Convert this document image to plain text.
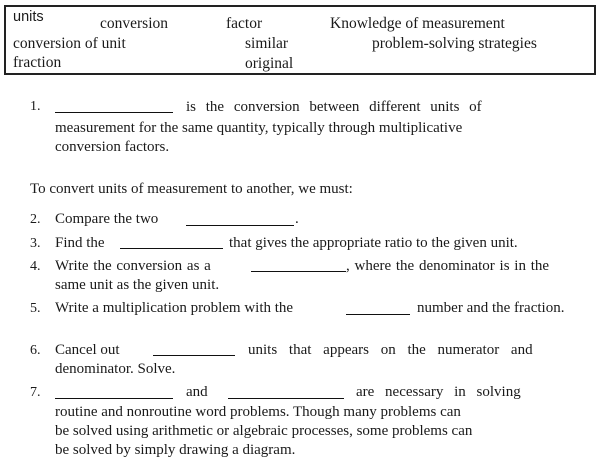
units	conversion	factor	Knowledge of measurement
conversion of unit	similar	problem-solving strategies
fraction	original
1.	is the conversion between different units of
measurement for the same quantity, typically through multiplicative
conversion factors.
To convert units of measurement to another, we must:
2. Compare the two	.
3. Find the	that gives the appropriate ratio to the given unit.
4. Write the conversion as a	, where the denominator is in the
same unit as the given unit.
5. Write a multiplication problem with the	number and the fraction.
6. Cancel out	units that appears on the numerator and
denominator. Solve.
7.	and	are necessary in solving
routine and nonroutine word problems. Though many problems can
be solved using arithmetic or algebraic processes, some problems can
be solved by simply drawing a diagram.
